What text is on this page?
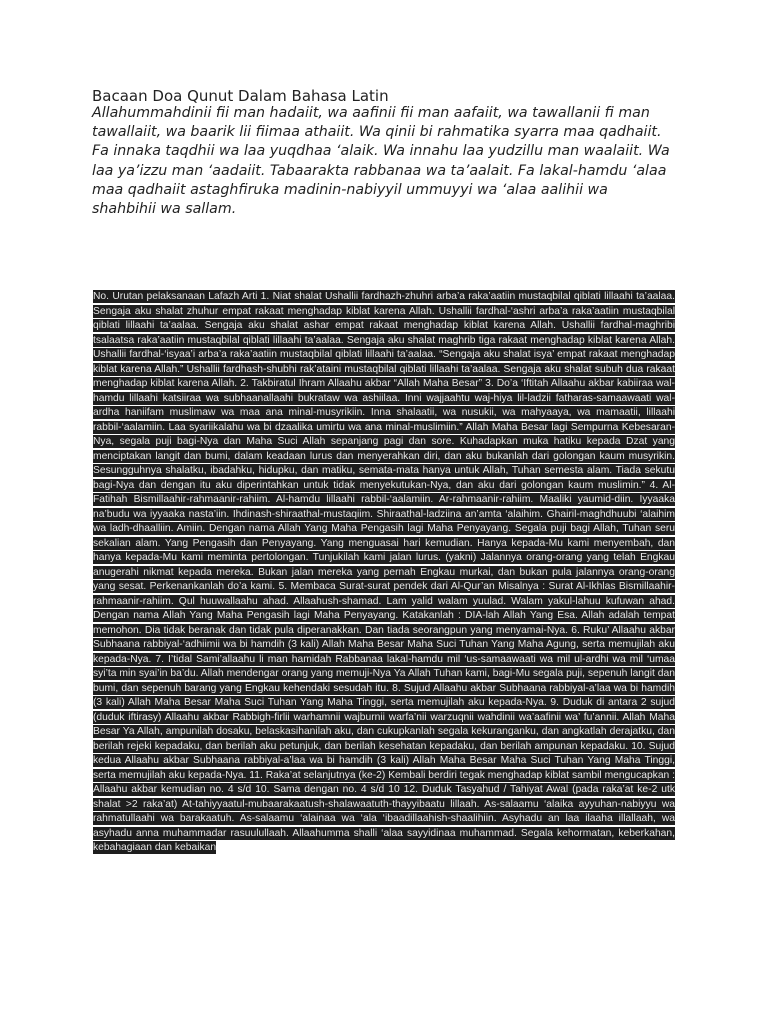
Bacaan Doa Qunut Dalam Bahasa Latin

Allahummahdinii fii man hadaiit, wa aafinii fii man aafaiit, wa tawallanii fi man tawallaiit, wa baarik lii fiimaa athaiit. Wa qinii bi rahmatika syarra maa qadhaiit. Fa innaka taqdhii wa laa yuqdhaa ‘alaik. Wa innahu laa yudzillu man waalaiit. Wa laa ya’izzu man ‘aadaiit. Tabaarakta rabbanaa wa ta’aalait. Fa lakal-hamdu ‘alaa maa qadhaiit astaghfiruka madinin-nabiyyil ummuyyi wa ‘alaa aalihii wa shahbihii wa sallam.

No. Urutan pelaksanaan Lafazh Arti 1. Niat shalat Ushallii fardhazh-zhuhri arba’a raka’aatiin mustaqbilal qiblati lillaahi ta’aalaa. Sengaja aku shalat zhuhur empat rakaat menghadap kiblat karena Allah. Ushallii fardhal-‘ashri arba’a raka’aatiin mustaqbilal qiblati lillaahi ta’aalaa. Sengaja aku shalat ashar empat rakaat menghadap kiblat karena Allah. Ushallii fardhal-maghribi tsalaatsa raka’aatiin mustaqbilal qiblati lillaahi ta’aalaa. Sengaja aku shalat maghrib tiga rakaat menghadap kiblat karena Allah. Ushallii fardhal-‘isyaa’i arba’a raka’aatiin mustaqbilal qiblati lillaahi ta’aalaa. “Sengaja aku shalat isya’ empat rakaat menghadap kiblat karena Allah.” Ushallii fardhash-shubhi rak’ataini mustaqbilal qiblati lillaahi ta’aalaa. Sengaja aku shalat subuh dua rakaat menghadap kiblat karena Allah. 2. Takbiratul Ihram Allaahu akbar “Allah Maha Besar” 3. Do’a ‘Iftitah Allaahu akbar kabiiraa wal-hamdu lillaahi katsiiraa wa subhaanallaahi bukrataw wa ashiilaa. Inni wajjaahtu waj-hiya lil-ladzii fatharas-samaawaati wal-ardha haniifam muslimaw wa maa ana minal-musyrikiin. Inna shalaatii, wa nusukii, wa mahyaaya, wa mamaatii, lillaahi rabbil-‘aalamiin. Laa syariikalahu wa bi dzaalika umirtu wa ana minal-muslimiin.” Allah Maha Besar lagi Sempurna Kebesaran-Nya, segala puji bagi-Nya dan Maha Suci Allah sepanjang pagi dan sore. Kuhadapkan muka hatiku kepada Dzat yang menciptakan langit dan bumi, dalam keadaan lurus dan menyerahkan diri, dan aku bukanlah dari golongan kaum musyrikin. Sesungguhnya shalatku, ibadahku, hidupku, dan matiku, semata-mata hanya untuk Allah, Tuhan semesta alam. Tiada sekutu bagi-Nya dan dengan itu aku diperintahkan untuk tidak menyekutukan-Nya, dan aku dari golongan kaum muslimin.” 4. Al-Fatihah Bismillaahir-rahmaanir-rahiim. Al-hamdu lillaahi rabbil-‘aalamiin. Ar-rahmaanir-rahiim. Maaliki yaumid-diin. Iyyaaka na’budu wa iyyaaka nasta’iin. Ihdinash-shiraathal-mustaqiim. Shiraathal-ladziina an’amta ‘alaihim. Ghairil-maghdhuubi ‘alaihim wa ladh-dhaalliin. Amiin. Dengan nama Allah Yang Maha Pengasih lagi Maha Penyayang. Segala puji bagi Allah, Tuhan seru sekalian alam. Yang Pengasih dan Penyayang. Yang menguasai hari kemudian. Hanya kepada-Mu kami menyembah, dan hanya kepada-Mu kami meminta pertolongan. Tunjukilah kami jalan lurus. (yakni) Jalannya orang-orang yang telah Engkau anugerahi nikmat kepada mereka. Bukan jalan mereka yang pernah Engkau murkai, dan bukan pula jalannya orang-orang yang sesat. Perkenankanlah do’a kami. 5. Membaca Surat-surat pendek dari Al-Qur’an Misalnya : Surat Al-Ikhlas Bismillaahir-rahmaanir-rahiim. Qul huuwallaahu ahad. Allaahush-shamad. Lam yalid walam yuulad. Walam yakul-lahuu kufuwan ahad. Dengan nama Allah Yang Maha Pengasih lagi Maha Penyayang. Katakanlah : DIA-lah Allah Yang Esa. Allah adalah tempat memohon. Dia tidak beranak dan tidak pula diperanakkan. Dan tiada seorangpun yang menyamai-Nya. 6. Ruku’ Allaahu akbar Subhaana rabbiyal-‘adhiimii wa bi hamdih (3 kali) Allah Maha Besar Maha Suci Tuhan Yang Maha Agung, serta memujilah aku kepada-Nya. 7. I’tidal Sami’allaahu li man hamidah Rabbanaa lakal-hamdu mil ‘us-samaawaati wa mil ul-ardhi wa mil ‘umaa syi’ta min syai’in ba’du. Allah mendengar orang yang memuji-Nya Ya Allah Tuhan kami, bagi-Mu segala puji, sepenuh langit dan bumi, dan sepenuh barang yang Engkau kehendaki sesudah itu. 8. Sujud Allaahu akbar Subhaana rabbiyal-a’laa wa bi hamdih (3 kali) Allah Maha Besar Maha Suci Tuhan Yang Maha Tinggi, serta memujilah aku kepada-Nya. 9. Duduk di antara 2 sujud (duduk iftirasy) Allaahu akbar Rabbigh-firlii warhamnii wajburnii warfa’nii warzuqnii wahdinii wa’aafinii wa’ fu’annii. Allah Maha Besar Ya Allah, ampunilah dosaku, belaskasihanilah aku, dan cukupkanlah segala kekuranganku, dan angkatlah derajatku, dan berilah rejeki kepadaku, dan berilah aku petunjuk, dan berilah kesehatan kepadaku, dan berilah ampunan kepadaku. 10. Sujud kedua Allaahu akbar Subhaana rabbiyal-a’laa wa bi hamdih (3 kali) Allah Maha Besar Maha Suci Tuhan Yang Maha Tinggi, serta memujilah aku kepada-Nya. 11. Raka’at selanjutnya (ke-2) Kembali berdiri tegak menghadap kiblat sambil mengucapkan : Allaahu akbar kemudian no. 4 s/d 10. Sama dengan no. 4 s/d 10 12. Duduk Tasyahud / Tahiyat Awal (pada raka’at ke-2 utk shalat >2 raka’at) At-tahiyyaatul-mubaarakaatush-shalawaatuth-thayyibaatu lillaah. As-salaamu ‘alaika ayyuhan-nabiyyu wa rahmatullaahi wa barakaatuh. As-salaamu ‘alainaa wa ‘ala ‘ibaadillaahish-shaalihiin. Asyhadu an laa ilaaha illallaah, wa asyhadu anna muhammadar rasuulullaah. Allaahumma shalli ‘alaa sayyidinaa muhammad. Segala kehormatan, keberkahan, kebahagiaan dan kebaikan
